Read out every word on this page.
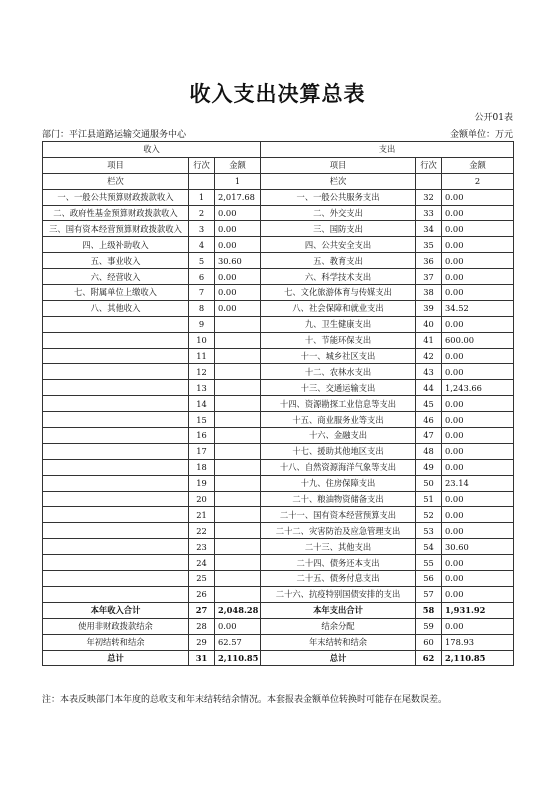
收入支出决算总表
公开01表
部门：平江县道路运输交通服务中心	金额单位：万元
收入			支出		
项目	行次	金额	项目	行次	金额
栏次		1	栏次		2
一、一般公共预算财政拨款收入	1	2,017.68	一、一般公共服务支出	32	0.00
二、政府性基金预算财政拨款收入	2	0.00	二、外交支出	33	0.00
三、国有资本经营预算财政拨款收入	3	0.00	三、国防支出	34	0.00
四、上级补助收入	4	0.00	四、公共安全支出	35	0.00
五、事业收入	5	30.60	五、教育支出	36	0.00
六、经营收入	6	0.00	六、科学技术支出	37	0.00
七、附属单位上缴收入	7	0.00	七、文化旅游体育与传媒支出	38	0.00
八、其他收入	8	0.00	八、社会保障和就业支出	39	34.52
	9		九、卫生健康支出	40	0.00
	10		十、节能环保支出	41	600.00
	11		十一、城乡社区支出	42	0.00
	12		十二、农林水支出	43	0.00
	13		十三、交通运输支出	44	1,243.66
	14		十四、资源勘探工业信息等支出	45	0.00
	15		十五、商业服务业等支出	46	0.00
	16		十六、金融支出	47	0.00
	17		十七、援助其他地区支出	48	0.00
	18		十八、自然资源海洋气象等支出	49	0.00
	19		十九、住房保障支出	50	23.14
	20		二十、粮油物资储备支出	51	0.00
	21		二十一、国有资本经营预算支出	52	0.00
	22		二十二、灾害防治及应急管理支出	53	0.00
	23		二十三、其他支出	54	30.60
	24		二十四、债务还本支出	55	0.00
	25		二十五、债务付息支出	56	0.00
	26		二十六、抗疫特别国债安排的支出	57	0.00
本年收入合计	27	2,048.28	本年支出合计	58	1,931.92
使用非财政拨款结余	28	0.00	结余分配	59	0.00
年初结转和结余	29	62.57	年末结转和结余	60	178.93
总计	31	2,110.85	总计	62	2,110.85
注：本表反映部门本年度的总收支和年末结转结余情况。本套报表金额单位转换时可能存在尾数误差。
